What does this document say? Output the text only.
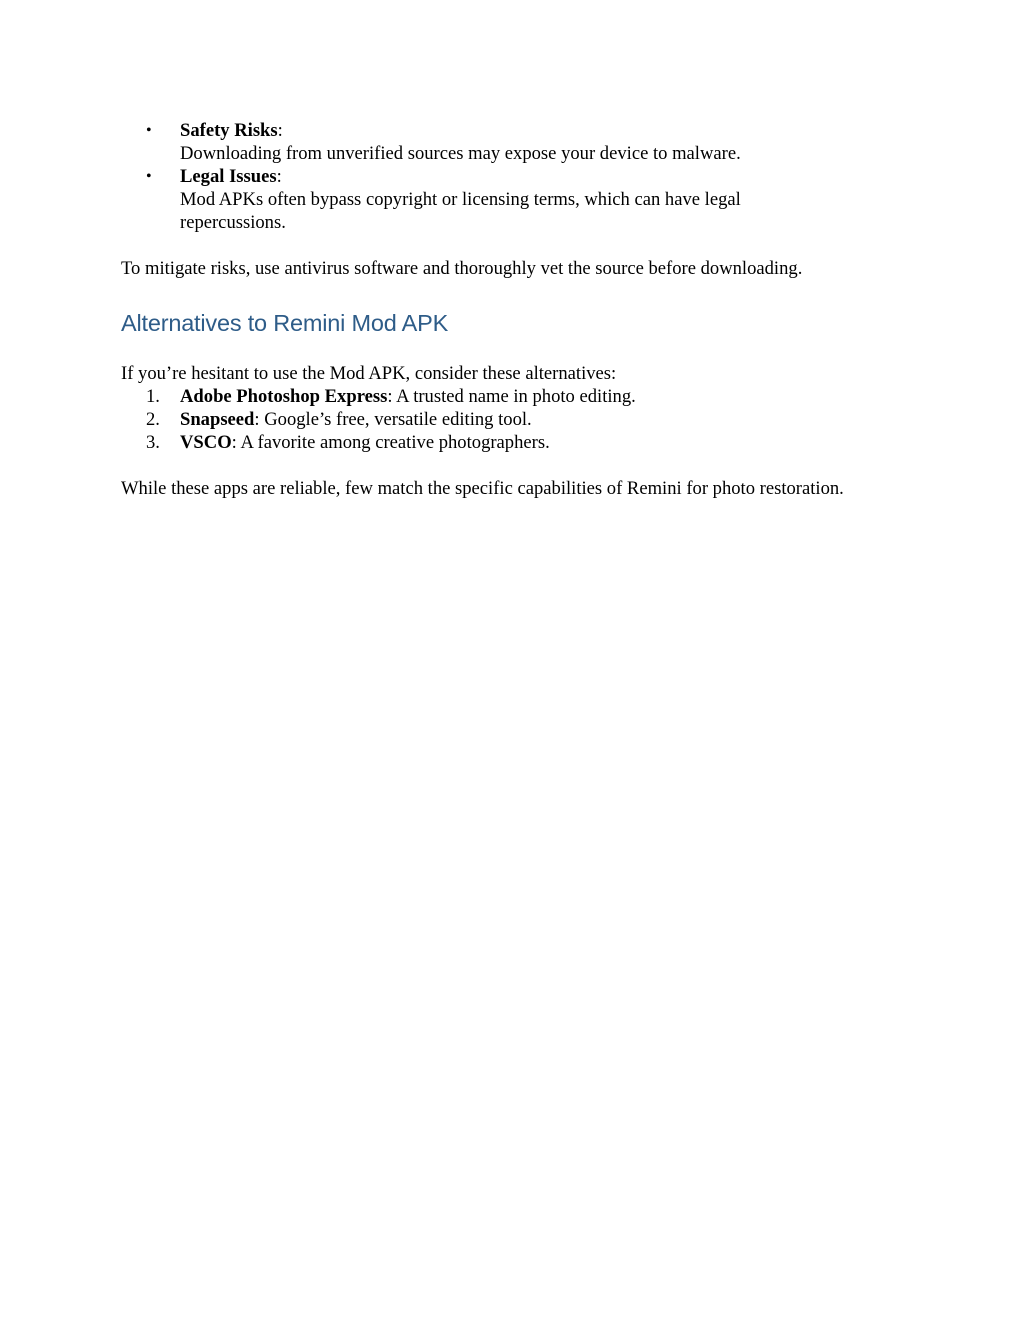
• Safety Risks:
Downloading from unverified sources may expose your device to malware.
• Legal Issues:
Mod APKs often bypass copyright or licensing terms, which can have legal repercussions.

To mitigate risks, use antivirus software and thoroughly vet the source before downloading.

Alternatives to Remini Mod APK

If you’re hesitant to use the Mod APK, consider these alternatives:

1. Adobe Photoshop Express: A trusted name in photo editing.
2. Snapseed: Google’s free, versatile editing tool.
3. VSCO: A favorite among creative photographers.

While these apps are reliable, few match the specific capabilities of Remini for photo restoration.
